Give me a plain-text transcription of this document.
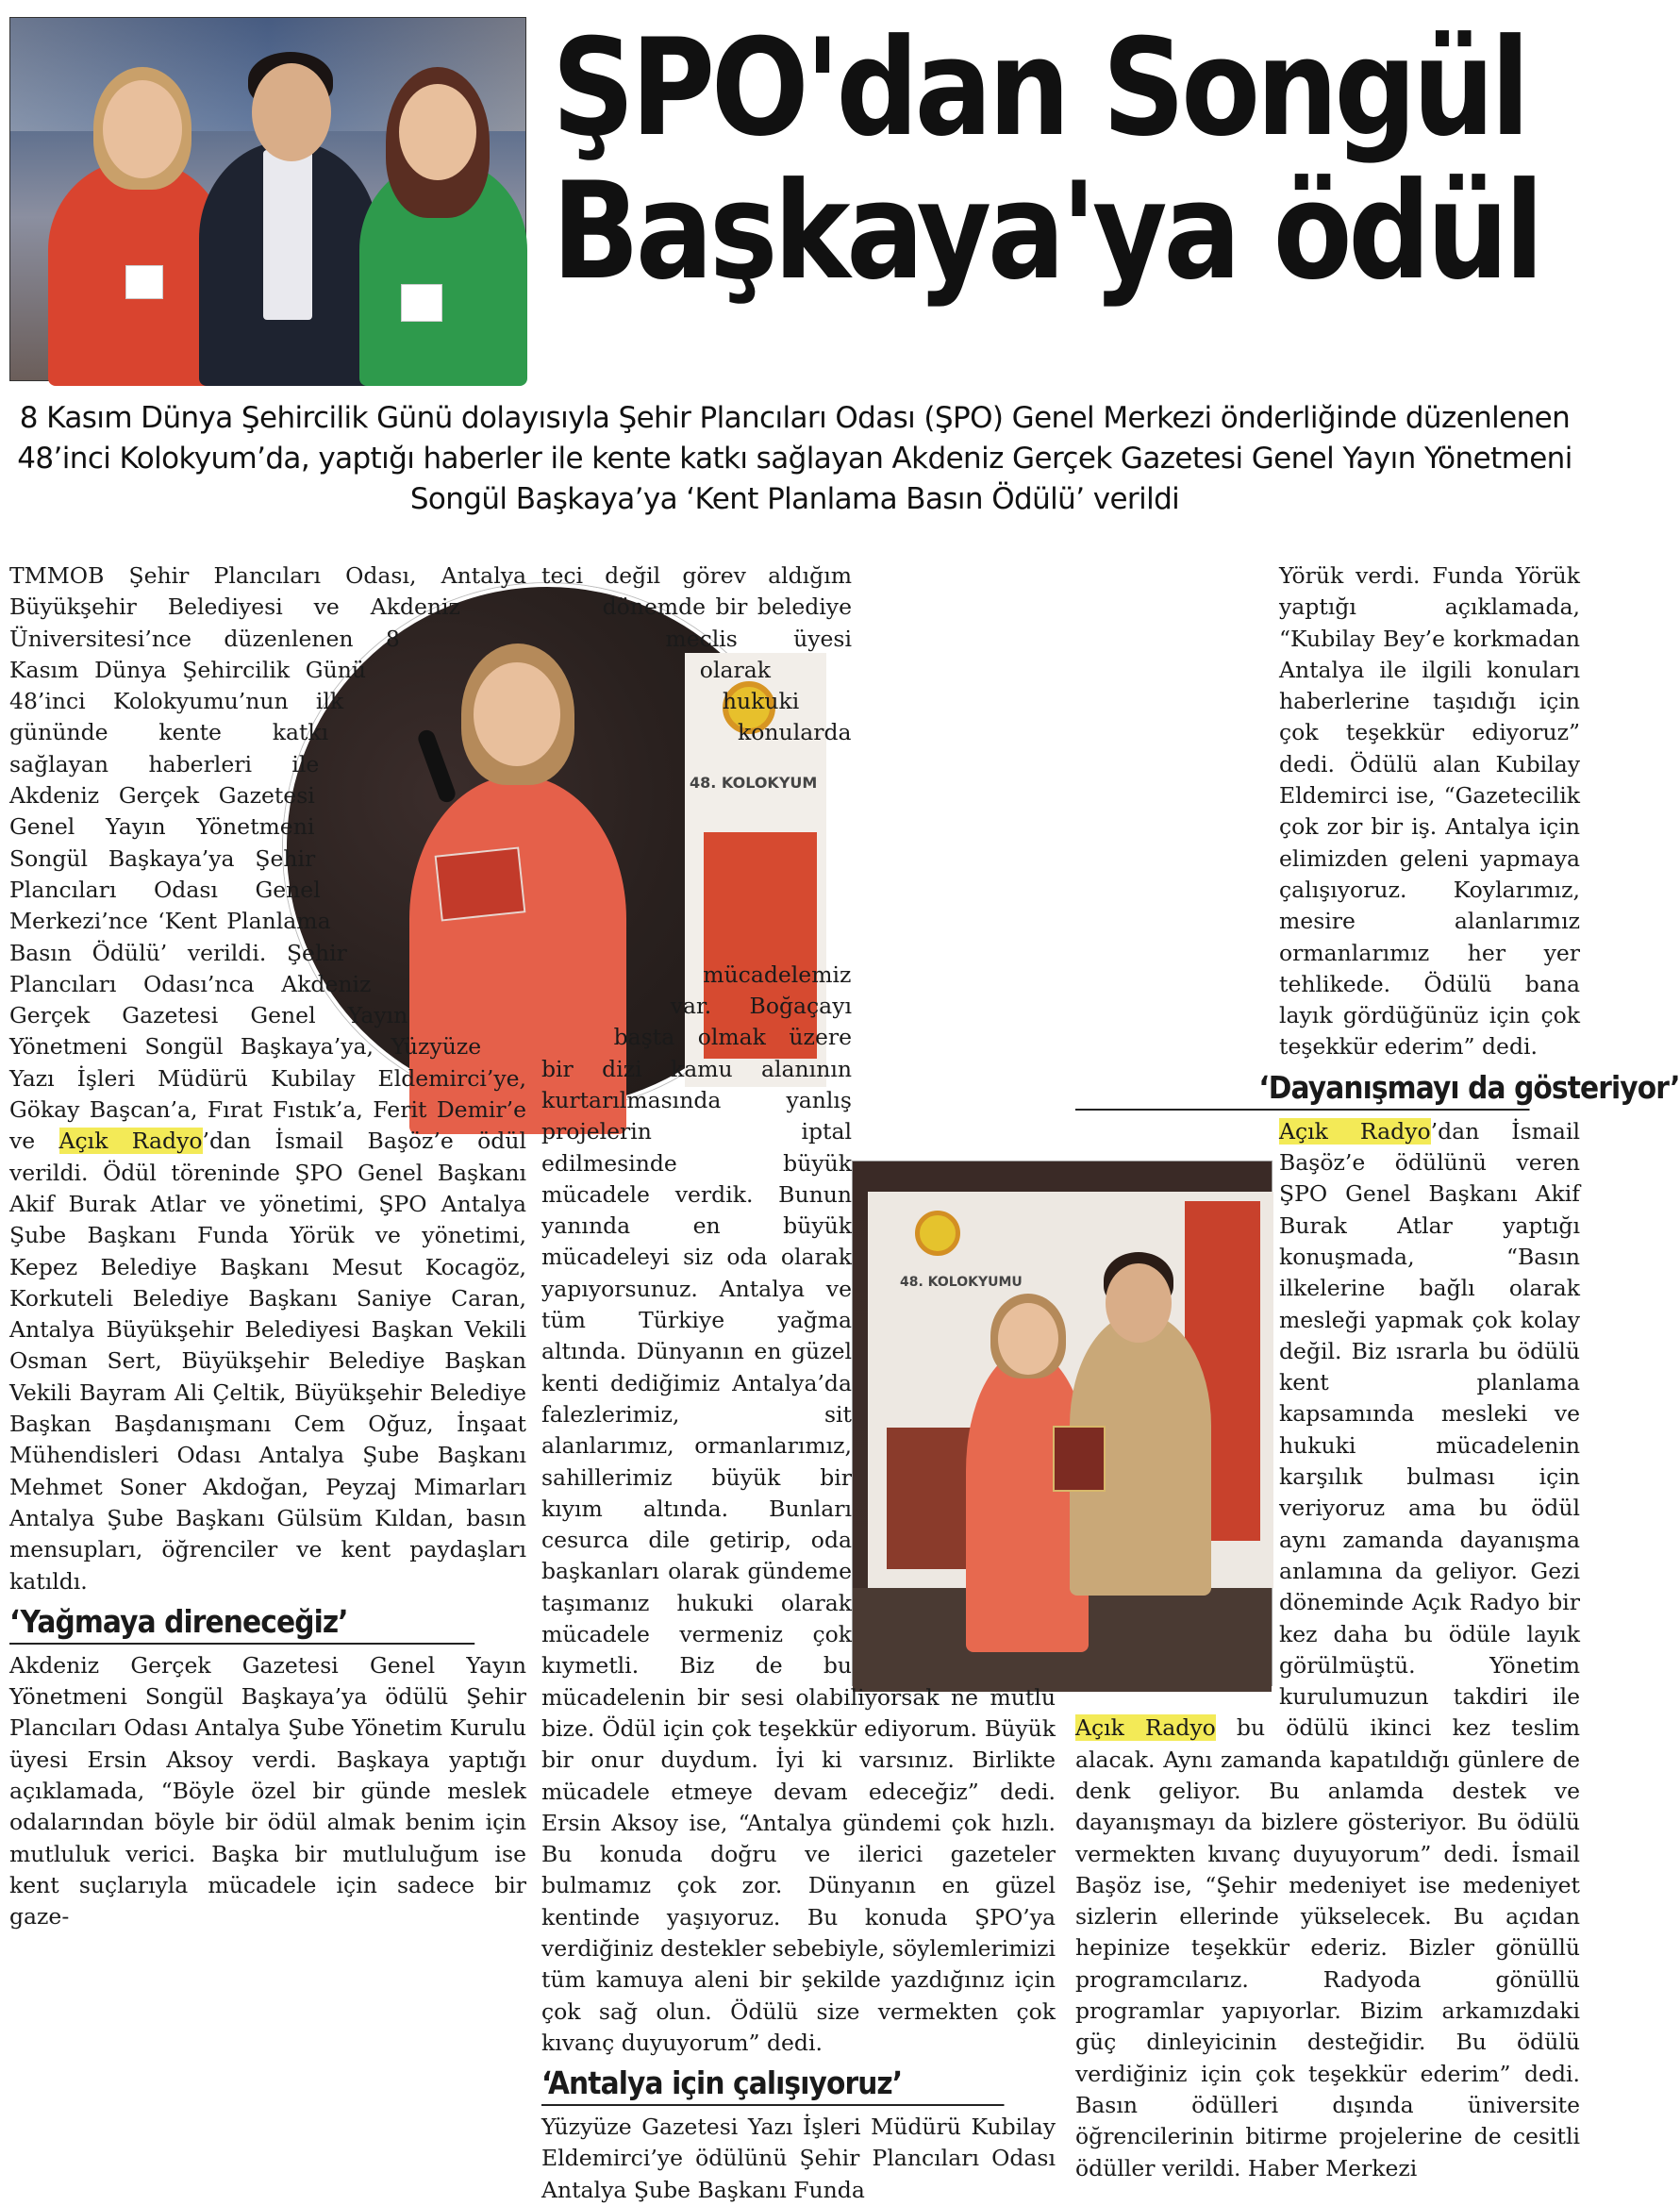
ŞPO'dan Songül
Başkaya'ya ödül

8 Kasım Dünya Şehircilik Günü dolayısıyla Şehir Plancıları Odası (ŞPO) Genel Merkezi önderliğinde düzenlenen 48’inci Kolokyum’da, yaptığı haberler ile kente katkı sağlayan Akdeniz Gerçek Gazetesi Genel Yayın Yönetmeni Songül Başkaya’ya ‘Kent Planlama Basın Ödülü’ verildi

48. KOLOKYUM
48. KOLOKYUMU

TMMOB Şehir Plancıları Odası, Antalya Büyükşehir Belediyesi ve Akdeniz Üniversitesi’nce düzenlenen 8 Kasım Dünya Şehircilik Günü 48’inci Kolokyumu’nun ilk gününde kente katkı sağlayan haberleri ile Akdeniz Gerçek Gazetesi Genel Yayın Yönetmeni Songül Başkaya’ya Şehir Plancıları Odası Genel Merkezi’nce ‘Kent Planlama Basın Ödülü’ verildi. Şehir Plancıları Odası’nca Akdeniz Gerçek Gazetesi Genel Yayın Yönetmeni Songül Başkaya’ya, Yüzyüze Yazı İşleri Müdürü Kubilay Eldemirci’ye, Gökay Başcan’a, Fırat Fıstık’a, Ferit Demir’e ve Açık Radyo’dan İsmail Başöz’e ödül verildi. Ödül töreninde ŞPO Genel Başkanı Akif Burak Atlar ve yönetimi, ŞPO Antalya Şube Başkanı Funda Yörük ve yönetimi, Kepez Belediye Başkanı Mesut Kocagöz, Korkuteli Belediye Başkanı Saniye Caran, Antalya Büyükşehir Belediyesi Başkan Vekili Osman Sert, Büyükşehir Belediye Başkan Vekili Bayram Ali Çeltik, Büyükşehir Belediye Başkan Başdanışmanı Cem Oğuz, İnşaat Mühendisleri Odası Antalya Şube Başkanı Mehmet Soner Akdoğan, Peyzaj Mimarları Antalya Şube Başkanı Gülsüm Kıldan, basın mensupları, öğrenciler ve kent paydaşları katıldı.

‘Yağmaya direneceğiz’

Akdeniz Gerçek Gazetesi Genel Yayın Yönetmeni Songül Başkaya’ya ödülü Şehir Plancıları Odası Antalya Şube Yönetim Kurulu üyesi Ersin Aksoy verdi. Başkaya yaptığı açıklamada, “Böyle özel bir günde meslek odalarından böyle bir ödül almak benim için mutluluk verici. Başka bir mutluluğum ise kent suçlarıyla mücadele için sadece bir gaze-

teci değil görev aldığım dönemde bir belediye meclis üyesi olarak hukuki konularda mücadelemiz var. Boğaçayı başta olmak üzere bir dizi kamu alanının kurtarılmasında yanlış projelerin iptal edilmesinde büyük mücadele verdik. Bunun yanında en büyük mücadeleyi siz oda olarak yapıyorsunuz. Antalya ve tüm Türkiye yağma altında. Dünyanın en güzel kenti dediğimiz Antalya’da falezlerimiz, sit alanlarımız, ormanlarımız, sahillerimiz büyük bir kıyım altında. Bunları cesurca dile getirip, oda başkanları olarak gündeme taşımanız hukuki olarak mücadele vermeniz çok kıymetli. Biz de bu mücadelenin bir sesi olabiliyorsak ne mutlu bize. Ödül için çok teşekkür ediyorum. Büyük bir onur duydum. İyi ki varsınız. Birlikte mücadele etmeye devam edeceğiz” dedi. Ersin Aksoy ise, “Antalya gündemi çok hızlı. Bu konuda doğru ve ilerici gazeteler bulmamız çok zor. Dünyanın en güzel kentinde yaşıyoruz. Bu konuda ŞPO’ya verdiğiniz destekler sebebiyle, söylemlerimizi tüm kamuya aleni bir şekilde yazdığınız için çok sağ olun. Ödülü size vermekten çok kıvanç duyuyorum” dedi.

‘Antalya için çalışıyoruz’

Yüzyüze Gazetesi Yazı İşleri Müdürü Kubilay Eldemirci’ye ödülünü Şehir Plancıları Odası Antalya Şube Başkanı Funda

Yörük verdi. Funda Yörük yaptığı açıklamada, “Kubilay Bey’e korkmadan Antalya ile ilgili konuları haberlerine taşıdığı için çok teşekkür ediyoruz” dedi. Ödülü alan Kubilay Eldemirci ise, “Gazetecilik çok zor bir iş. Antalya için elimizden geleni yapmaya çalışıyoruz. Koylarımız, mesire alanlarımız ormanlarımız her yer tehlikede. Ödülü bana layık gördüğünüz için çok teşekkür ederim” dedi.

‘Dayanışmayı da gösteriyor’

Açık Radyo’dan İsmail Başöz’e ödülünü veren ŞPO Genel Başkanı Akif Burak Atlar yaptığı konuşmada, “Basın ilkelerine bağlı olarak mesleği yapmak çok kolay değil. Biz ısrarla bu ödülü kent planlama kapsamında mesleki ve hukuki mücadelenin karşılık bulması için veriyoruz ama bu ödül aynı zamanda dayanışma anlamına da geliyor. Gezi döneminde Açık Radyo bir kez daha bu ödüle layık görülmüştü. Yönetim kurulumuzun takdiri ile Açık Radyo bu ödülü ikinci kez teslim alacak. Aynı zamanda kapatıldığı günlere de denk geliyor. Bu anlamda destek ve dayanışmayı da bizlere gösteriyor. Bu ödülü vermekten kıvanç duyuyorum” dedi. İsmail Başöz ise, “Şehir medeniyet ise medeniyet sizlerin ellerinde yükselecek. Bu açıdan hepinize teşekkür ederiz. Bizler gönüllü programcılarız. Radyoda gönüllü programlar yapıyorlar. Bizim arkamızdaki güç dinleyicinin desteğidir. Bu ödülü verdiğiniz için çok teşekkür ederim” dedi. Basın ödülleri dışında üniversite öğrencilerinin bitirme projelerine de cesitli ödüller verildi. Haber Merkezi
